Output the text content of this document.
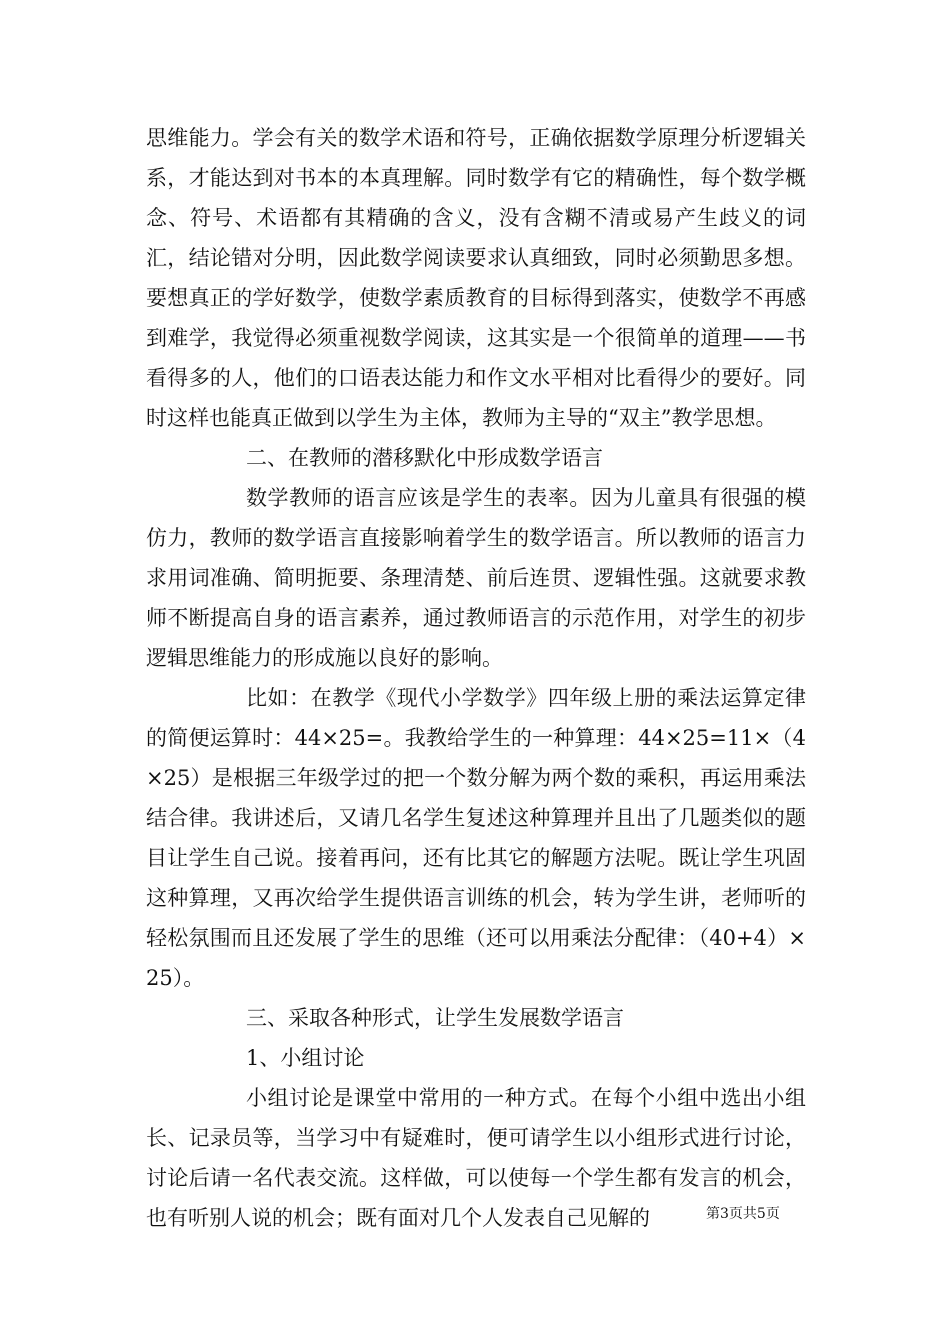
思维能力。学会有关的数学术语和符号，正确依据数学原理分析逻辑关系，才能达到对书本的本真理解。同时数学有它的精确性，每个数学概念、符号、术语都有其精确的含义，没有含糊不清或易产生歧义的词汇，结论错对分明，因此数学阅读要求认真细致，同时必须勤思多想。要想真正的学好数学，使数学素质教育的目标得到落实，使数学不再感到难学，我觉得必须重视数学阅读，这其实是一个很简单的道理——书看得多的人，他们的口语表达能力和作文水平相对比看得少的要好。同时这样也能真正做到以学生为主体，教师为主导的“双主”教学思想。

二、在教师的潜移默化中形成数学语言

数学教师的语言应该是学生的表率。因为儿童具有很强的模仿力，教师的数学语言直接影响着学生的数学语言。所以教师的语言力求用词准确、简明扼要、条理清楚、前后连贯、逻辑性强。这就要求教师不断提高自身的语言素养，通过教师语言的示范作用，对学生的初步逻辑思维能力的形成施以良好的影响。

比如：在教学《现代小学数学》四年级上册的乘法运算定律的简便运算时：44×25=。我教给学生的一种算理：44×25=11×（4×25）是根据三年级学过的把一个数分解为两个数的乘积，再运用乘法结合律。我讲述后，又请几名学生复述这种算理并且出了几题类似的题目让学生自己说。接着再问，还有比其它的解题方法呢。既让学生巩固这种算理，又再次给学生提供语言训练的机会，转为学生讲，老师听的轻松氛围而且还发展了学生的思维（还可以用乘法分配律：（40+4）×25）。

三、采取各种形式，让学生发展数学语言

1、小组讨论

小组讨论是课堂中常用的一种方式。在每个小组中选出小组长、记录员等，当学习中有疑难时，便可请学生以小组形式进行讨论，讨论后请一名代表交流。这样做，可以使每一个学生都有发言的机会，也有听别人说的机会；既有面对几个人发表自己见解的	第3页共5页
